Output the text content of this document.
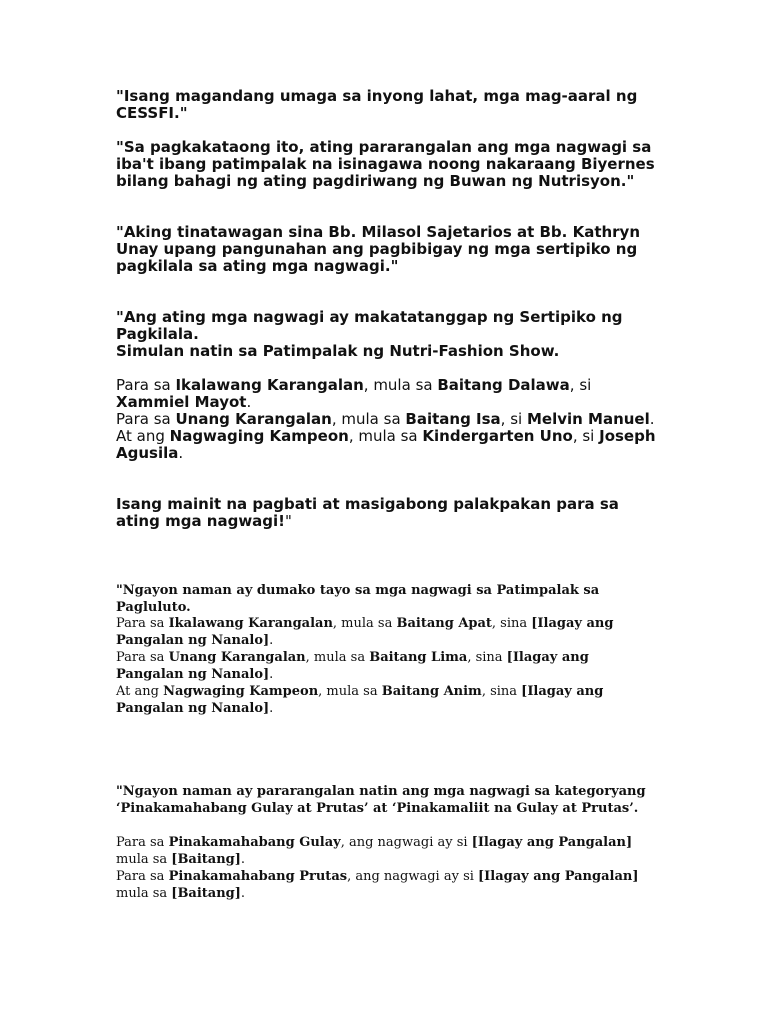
"Isang magandang umaga sa inyong lahat, mga mag-aaral ng CESSFI."

"Sa pagkakataong ito, ating pararangalan ang mga nagwagi sa iba't ibang patimpalak na isinagawa noong nakaraang Biyernes bilang bahagi ng ating pagdiriwang ng Buwan ng Nutrisyon."

"Aking tinatawagan sina Bb. Milasol Sajetarios at Bb. Kathryn Unay upang pangunahan ang pagbibigay ng mga sertipiko ng pagkilala sa ating mga nagwagi."

"Ang ating mga nagwagi ay makatatanggap ng Sertipiko ng Pagkilala.
Simulan natin sa Patimpalak ng Nutri-Fashion Show.
Para sa Ikalawang Karangalan, mula sa Baitang Dalawa, si Xammiel Mayot.
Para sa Unang Karangalan, mula sa Baitang Isa, si Melvin Manuel.
At ang Nagwaging Kampeon, mula sa Kindergarten Uno, si Joseph Agusila.

Isang mainit na pagbati at masigabong palakpakan para sa ating mga nagwagi!"

"Ngayon naman ay dumako tayo sa mga nagwagi sa Patimpalak sa Pagluluto.

Para sa Ikalawang Karangalan, mula sa Baitang Apat, sina [Ilagay ang Pangalan ng Nanalo].
Para sa Unang Karangalan, mula sa Baitang Lima, sina [Ilagay ang Pangalan ng Nanalo].
At ang Nagwaging Kampeon, mula sa Baitang Anim, sina [Ilagay ang Pangalan ng Nanalo].
"Ngayon naman ay pararangalan natin ang mga nagwagi sa kategoryang
‘Pinakamahabang Gulay at Prutas’ at ‘Pinakamaliit na Gulay at Prutas’.
Para sa Pinakamahabang Gulay, ang nagwagi ay si [Ilagay ang Pangalan] mula sa [Baitang].
Para sa Pinakamahabang Prutas, ang nagwagi ay si [Ilagay ang Pangalan] mula sa [Baitang].
